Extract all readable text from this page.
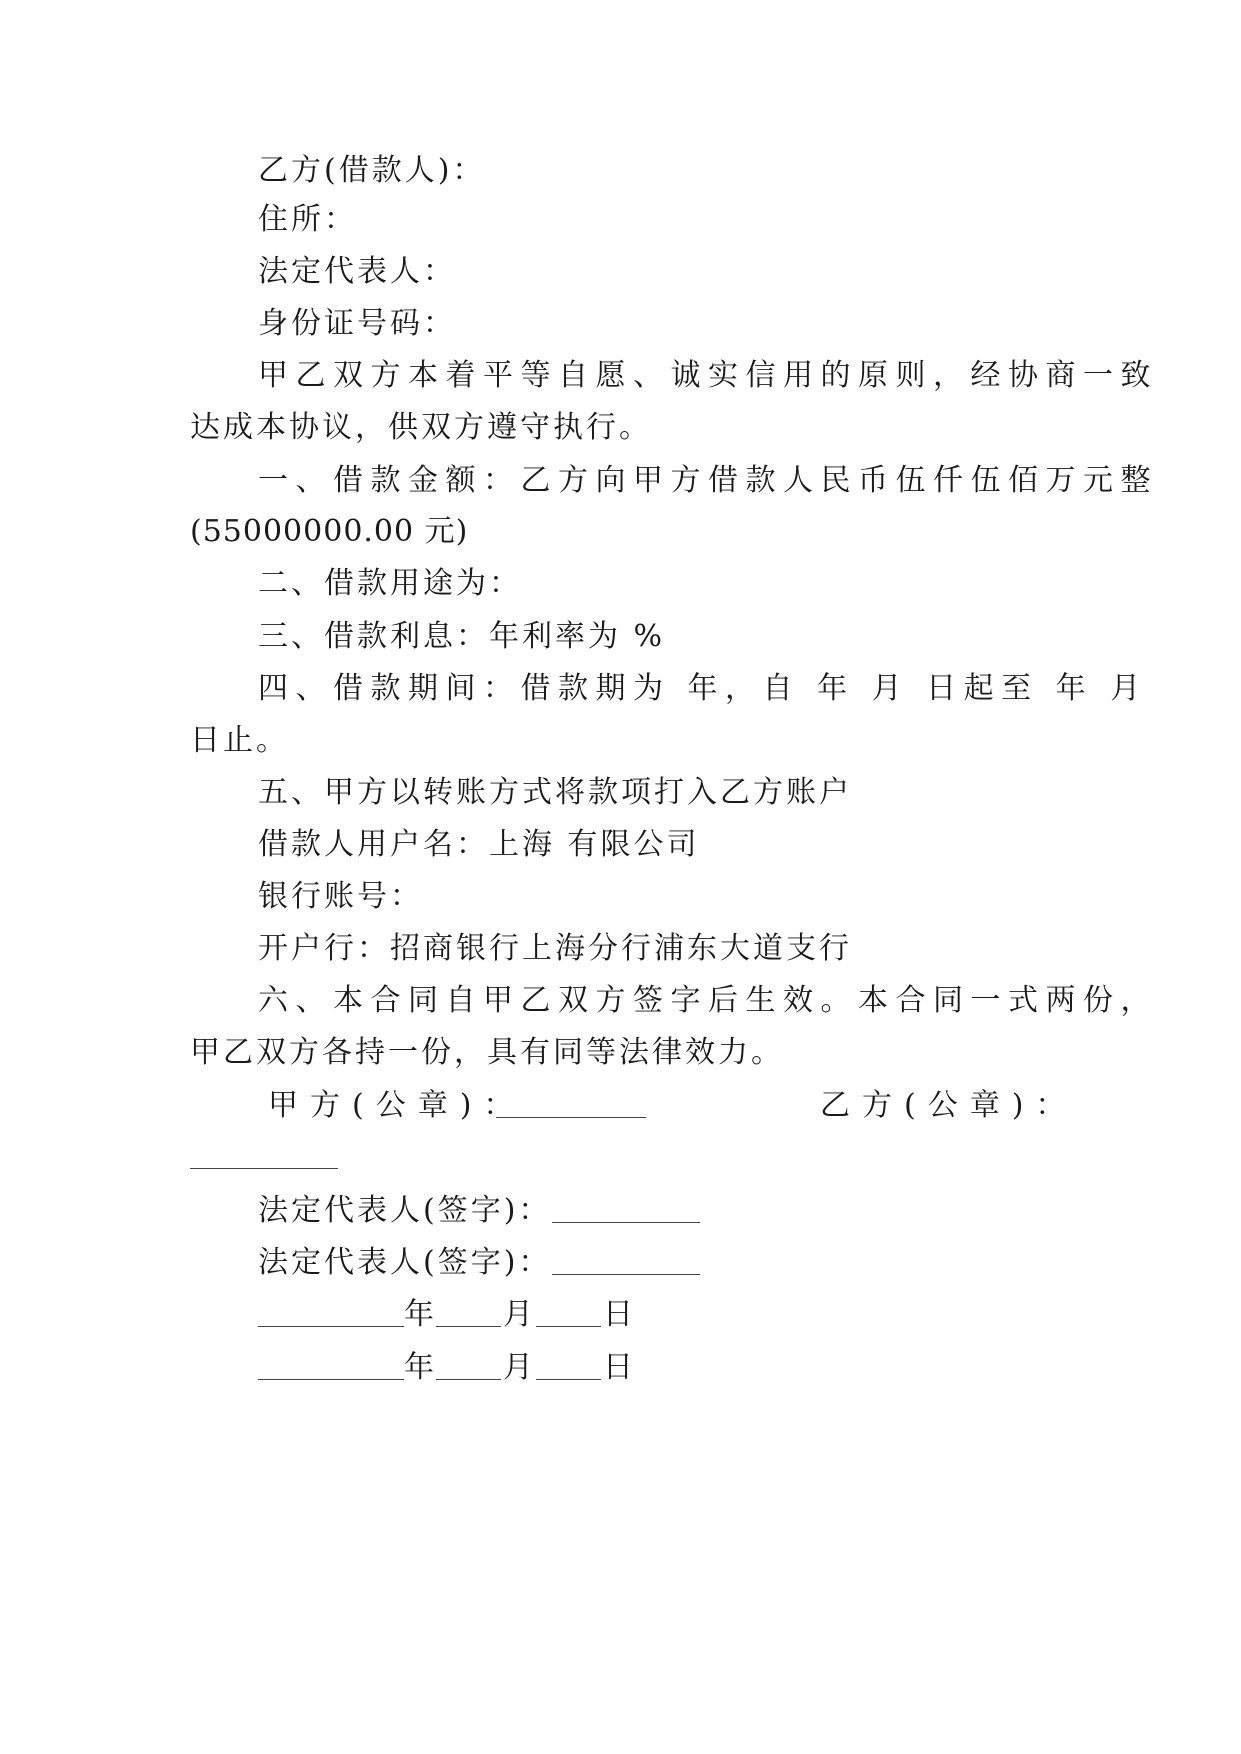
乙方(借款人)：
住所：
法定代表人：
身份证号码：
甲乙双方本着平等自愿、诚实信用的原则，经协商一致
达成本协议，供双方遵守执行。
一、借款金额：乙方向甲方借款人民币伍仟伍佰万元整
(55000000.00 元)
二、借款用途为：
三、借款利息：年利率为 %
四、借款期间：借款期为 年，自 年 月 日起至 年 月
日止。
五、甲方以转账方式将款项打入乙方账户
借款人用户名：上海 有限公司
银行账号：
开户行：招商银行上海分行浦东大道支行
六、本合同自甲乙双方签字后生效。本合同一式两份，
甲乙双方各持一份，具有同等法律效力。
甲方(公章)：	乙方(公章)：
法定代表人(签字)：
法定代表人(签字)：
年 月 日
年 月 日
